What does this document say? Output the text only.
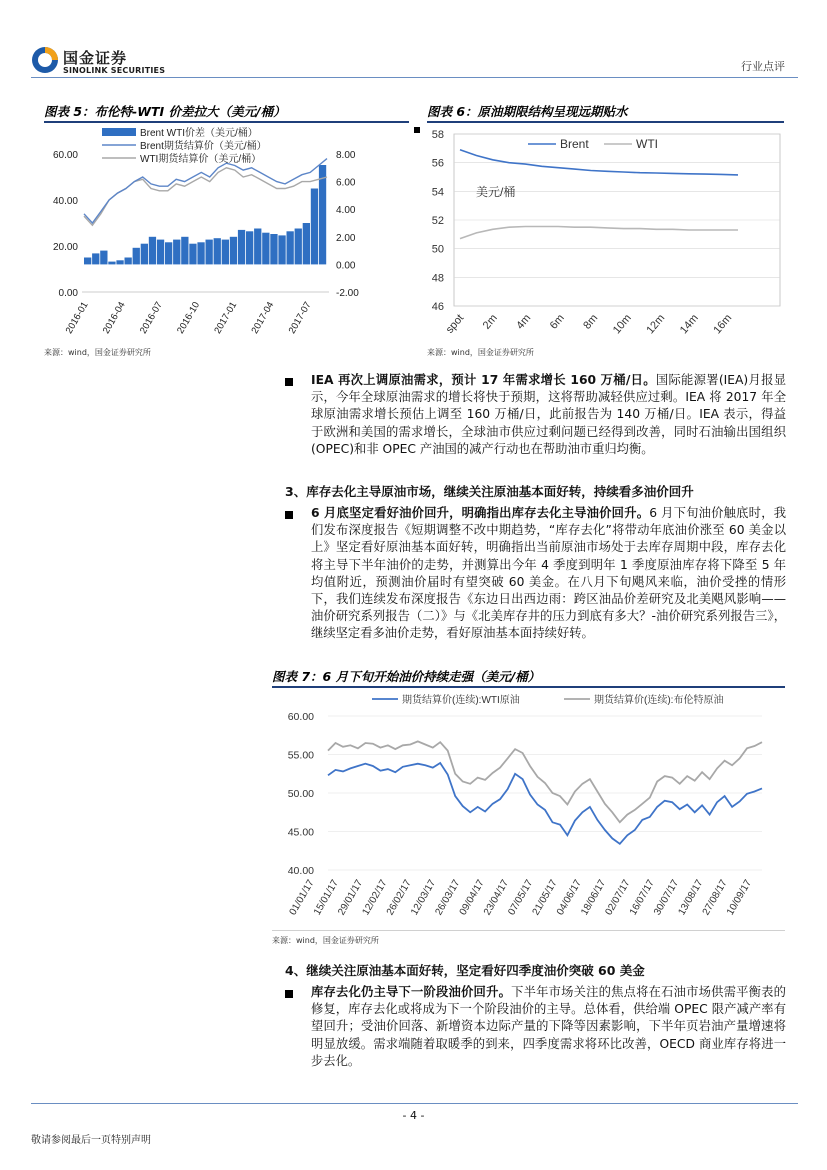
国金证券
SINOLINK SECURITIES	行业点评
图表 5：布伦特-WTI 价差拉大（美元/桶）
60.00
40.00
20.00
0.00
8.00
6.00
4.00
2.00
0.00
-2.00
2016-01 2016-04 2016-07 2016-10 2017-01 2017-04 2017-07
Brent WTI价差（美元/桶）
Brent期货结算价（美元/桶）
WTI期货结算价（美元/桶）
来源：wind，国金证券研究所
图表 6：原油期限结构呈现远期贴水
58
56
54
52
50
48
46
spot 2m 4m 6m 8m 10m 12m 14m 16m
Brent	WTI
美元/桶
来源：wind，国金证券研究所
IEA 再次上调原油需求，预计 17 年需求增长 160 万桶/日。国际能源署(IEA)月报显示，今年全球原油需求的增长将快于预期，这将帮助减轻供应过剩。IEA 将 2017 年全球原油需求增长预估上调至 160 万桶/日，此前报告为 140 万桶/日。IEA 表示，得益于欧洲和美国的需求增长，全球油市供应过剩问题已经得到改善，同时石油输出国组织(OPEC)和非 OPEC 产油国的减产行动也在帮助油市重归均衡。
3、库存去化主导原油市场，继续关注原油基本面好转，持续看多油价回升
6 月底坚定看好油价回升，明确指出库存去化主导油价回升。6 月下旬油价触底时，我们发布深度报告《短期调整不改中期趋势，“库存去化”将带动年底油价涨至 60 美金以上》坚定看好原油基本面好转，明确指出当前原油市场处于去库存周期中段，库存去化将主导下半年油价的走势，并测算出今年 4 季度到明年 1 季度原油库存将下降至 5 年均值附近，预测油价届时有望突破 60 美金。在八月下旬飓风来临，油价受挫的情形下，我们连续发布深度报告《东边日出西边雨：跨区油品价差研究及北美飓风影响——油价研究系列报告（二）》与《北美库存井的压力到底有多大？-油价研究系列报告三》，继续坚定看多油价走势，看好原油基本面持续好转。
图表 7：6 月下旬开始油价持续走强（美元/桶）
60.00
55.00
50.00
45.00
40.00
01/01/17
15/01/17
29/01/17
12/02/17
26/02/17
12/03/17
26/03/17
09/04/17
23/04/17
07/05/17
21/05/17
04/06/17
18/06/17
02/07/17
16/07/17
30/07/17
13/08/17
27/08/17
10/09/17
期货结算价(连续):WTI原油	期货结算价(连续):布伦特原油
来源：wind，国金证券研究所
4、继续关注原油基本面好转，坚定看好四季度油价突破 60 美金
库存去化仍主导下一阶段油价回升。下半年市场关注的焦点将在石油市场供需平衡表的修复，库存去化或将成为下一个阶段油价的主导。总体看，供给端 OPEC 限产减产率有望回升；受油价回落、新增资本边际产量的下降等因素影响，下半年页岩油产量增速将明显放缓。需求端随着取暖季的到来，四季度需求将环比改善，OECD 商业库存将进一步去化。
- 4 -
敬请参阅最后一页特别声明
